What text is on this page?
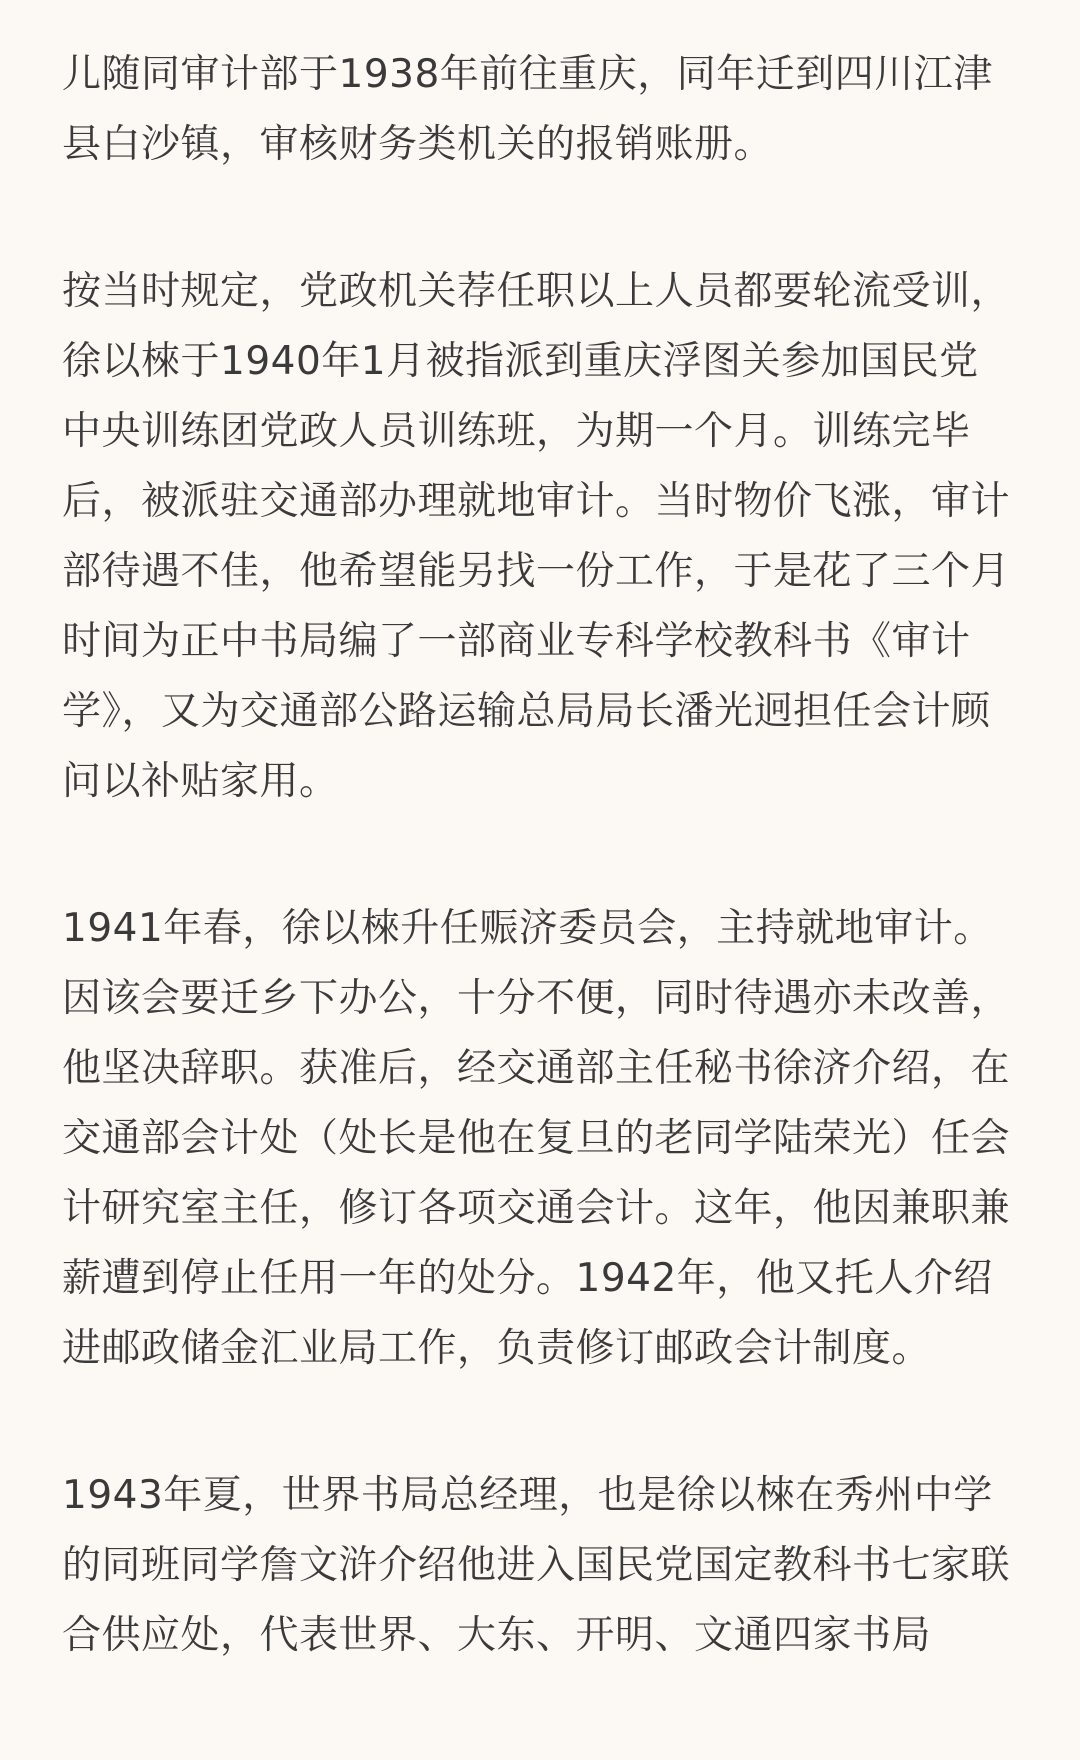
儿随同审计部于1938年前往重庆，同年迁到四川江津县白沙镇，审核财务类机关的报销账册。

按当时规定，党政机关荐任职以上人员都要轮流受训，徐以棶于1940年1月被指派到重庆浮图关参加国民党中央训练团党政人员训练班，为期一个月。训练完毕后，被派驻交通部办理就地审计。当时物价飞涨，审计部待遇不佳，他希望能另找一份工作，于是花了三个月时间为正中书局编了一部商业专科学校教科书《审计学》，又为交通部公路运输总局局长潘光迥担任会计顾问以补贴家用。

1941年春，徐以棶升任赈济委员会，主持就地审计。因该会要迁乡下办公，十分不便，同时待遇亦未改善，他坚决辞职。获准后，经交通部主任秘书徐济介绍，在交通部会计处（处长是他在复旦的老同学陆荣光）任会计研究室主任，修订各项交通会计。这年，他因兼职兼薪遭到停止任用一年的处分。1942年，他又托人介绍进邮政储金汇业局工作，负责修订邮政会计制度。

1943年夏，世界书局总经理，也是徐以棶在秀州中学的同班同学詹文浒介绍他进入国民党国定教科书七家联合供应处，代表世界、大东、开明、文通四家书局
